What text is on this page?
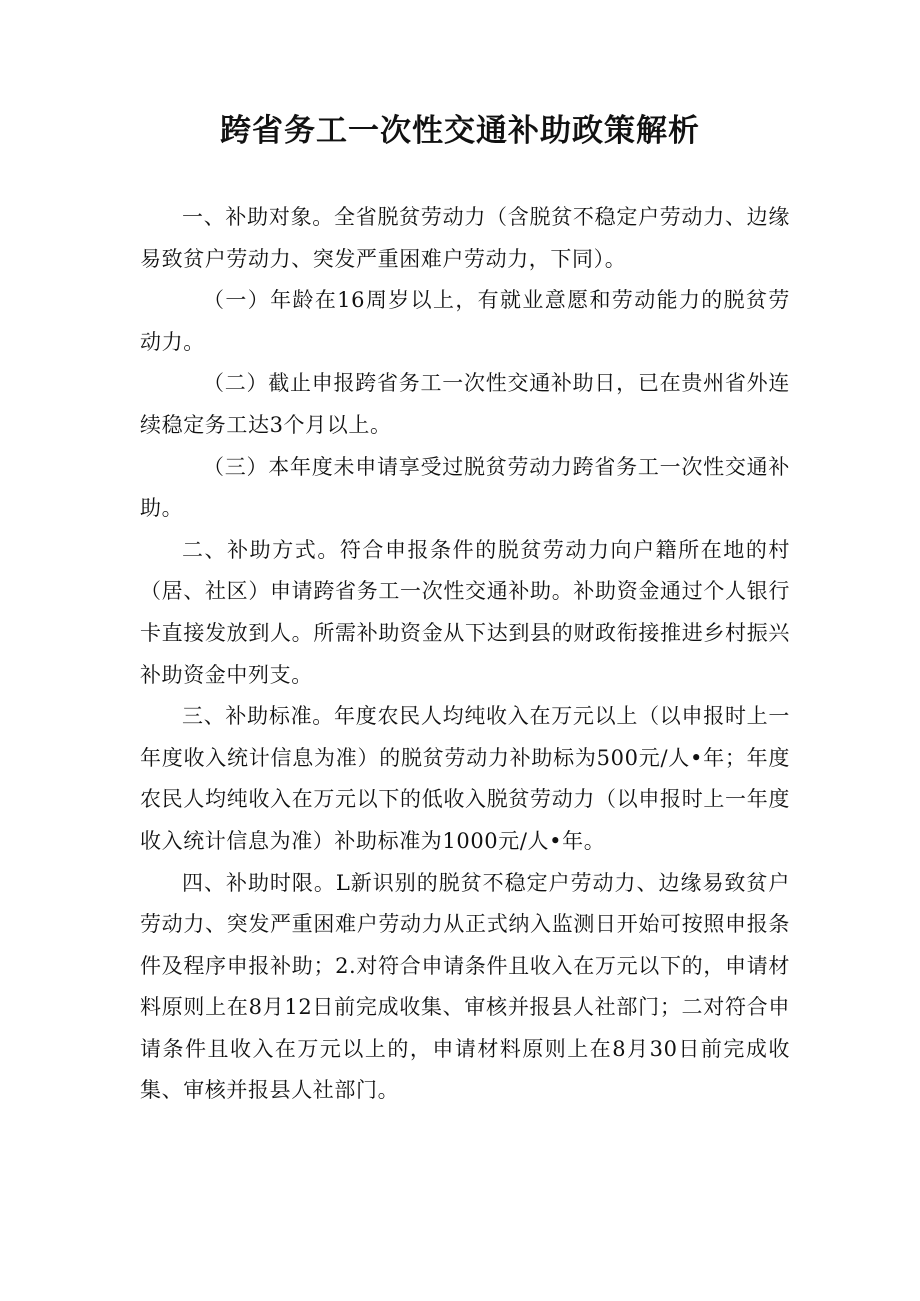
跨省务工一次性交通补助政策解析

一、补助对象。全省脱贫劳动力（含脱贫不稳定户劳动力、边缘易致贫户劳动力、突发严重困难户劳动力，下同）。

（一）年龄在16周岁以上，有就业意愿和劳动能力的脱贫劳动力。

（二）截止申报跨省务工一次性交通补助日，已在贵州省外连续稳定务工达3个月以上。

（三）本年度未申请享受过脱贫劳动力跨省务工一次性交通补助。

二、补助方式。符合申报条件的脱贫劳动力向户籍所在地的村（居、社区）申请跨省务工一次性交通补助。补助资金通过个人银行卡直接发放到人。所需补助资金从下达到县的财政衔接推进乡村振兴补助资金中列支。

三、补助标准。年度农民人均纯收入在万元以上（以申报时上一年度收入统计信息为准）的脱贫劳动力补助标为500元/人•年；年度农民人均纯收入在万元以下的低收入脱贫劳动力（以申报时上一年度收入统计信息为准）补助标准为1000元/人•年。

四、补助时限。L新识别的脱贫不稳定户劳动力、边缘易致贫户劳动力、突发严重困难户劳动力从正式纳入监测日开始可按照申报条件及程序申报补助；2.对符合申请条件且收入在万元以下的，申请材料原则上在8月12日前完成收集、审核并报县人社部门；二对符合申请条件且收入在万元以上的，申请材料原则上在8月30日前完成收集、审核并报县人社部门。
